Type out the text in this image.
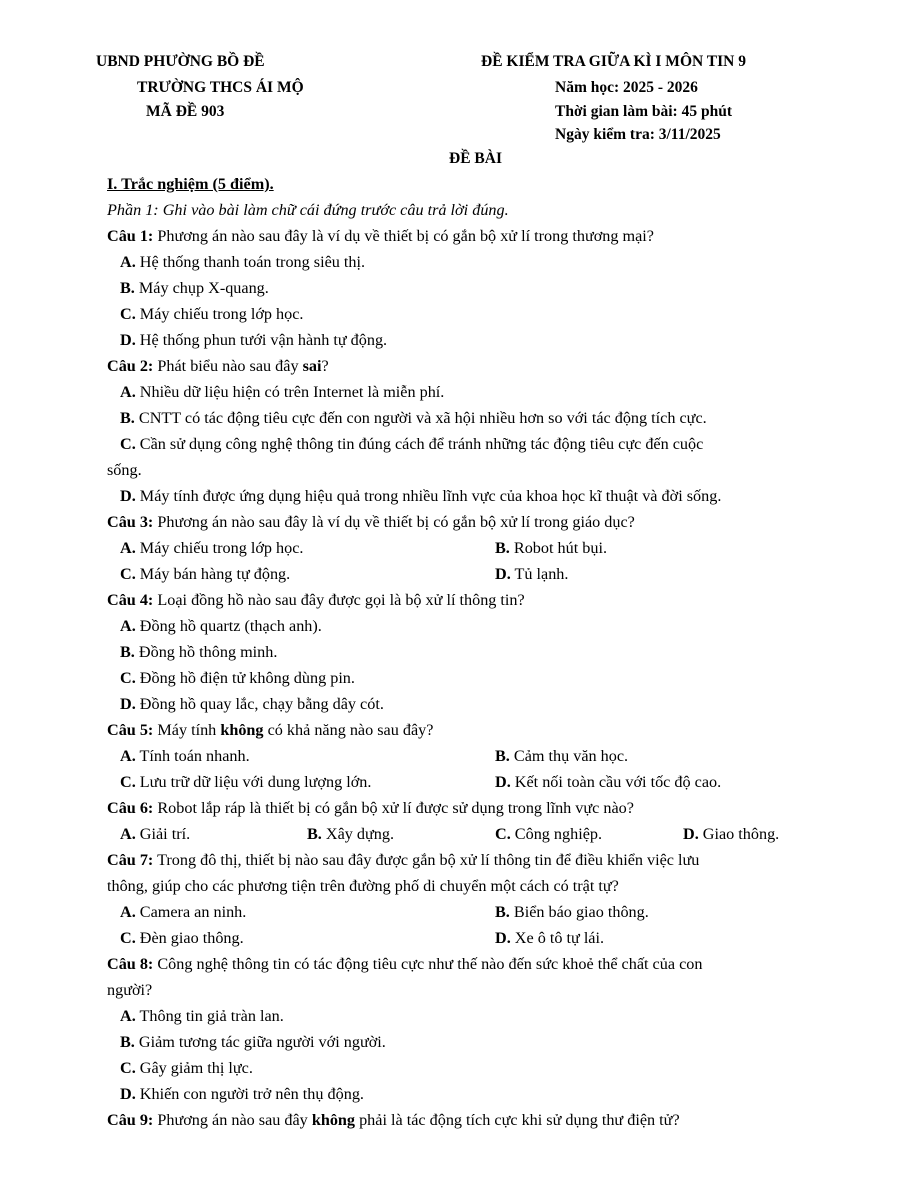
UBND PHƯỜNG BỒ ĐỀ
TRƯỜNG THCS ÁI MỘ
MÃ ĐỀ 903
ĐỀ KIỂM TRA GIỮA KÌ I MÔN TIN 9
Năm học: 2025 - 2026
Thời gian làm bài: 45 phút
Ngày kiểm tra: 3/11/2025
ĐỀ BÀI
I. Trắc nghiệm (5 điểm).
Phần 1: Ghi vào bài làm chữ cái đứng trước câu trả lời đúng.
Câu 1: Phương án nào sau đây là ví dụ về thiết bị có gắn bộ xử lí trong thương mại?
A. Hệ thống thanh toán trong siêu thị.
B. Máy chụp X-quang.
C. Máy chiếu trong lớp học.
D. Hệ thống phun tưới vận hành tự động.
Câu 2: Phát biểu nào sau đây sai?
A. Nhiều dữ liệu hiện có trên Internet là miễn phí.
B. CNTT có tác động tiêu cực đến con người và xã hội nhiều hơn so với tác động tích cực.
C. Cần sử dụng công nghệ thông tin đúng cách để tránh những tác động tiêu cực đến cuộc
sống.
D. Máy tính được ứng dụng hiệu quả trong nhiều lĩnh vực của khoa học kĩ thuật và đời sống.
Câu 3: Phương án nào sau đây là ví dụ về thiết bị có gắn bộ xử lí trong giáo dục?
A. Máy chiếu trong lớp học.	B. Robot hút bụi.
C. Máy bán hàng tự động.	D. Tủ lạnh.
Câu 4: Loại đồng hồ nào sau đây được gọi là bộ xử lí thông tin?
A. Đồng hồ quartz (thạch anh).
B. Đồng hồ thông minh.
C. Đồng hồ điện tử không dùng pin.
D. Đồng hồ quay lắc, chạy bằng dây cót.
Câu 5: Máy tính không có khả năng nào sau đây?
A. Tính toán nhanh.	B. Cảm thụ văn học.
C. Lưu trữ dữ liệu với dung lượng lớn.	D. Kết nối toàn cầu với tốc độ cao.
Câu 6: Robot lắp ráp là thiết bị có gắn bộ xử lí được sử dụng trong lĩnh vực nào?
A. Giải trí.	B. Xây dựng.	C. Công nghiệp.	D. Giao thông.
Câu 7: Trong đô thị, thiết bị nào sau đây được gắn bộ xử lí thông tin để điều khiển việc lưu
thông, giúp cho các phương tiện trên đường phố di chuyển một cách có trật tự?
A. Camera an ninh.	B. Biển báo giao thông.
C. Đèn giao thông.	D. Xe ô tô tự lái.
Câu 8: Công nghệ thông tin có tác động tiêu cực như thế nào đến sức khoẻ thể chất của con
người?
A. Thông tin giả tràn lan.
B. Giảm tương tác giữa người với người.
C. Gây giảm thị lực.
D. Khiến con người trở nên thụ động.
Câu 9: Phương án nào sau đây không phải là tác động tích cực khi sử dụng thư điện tử?
